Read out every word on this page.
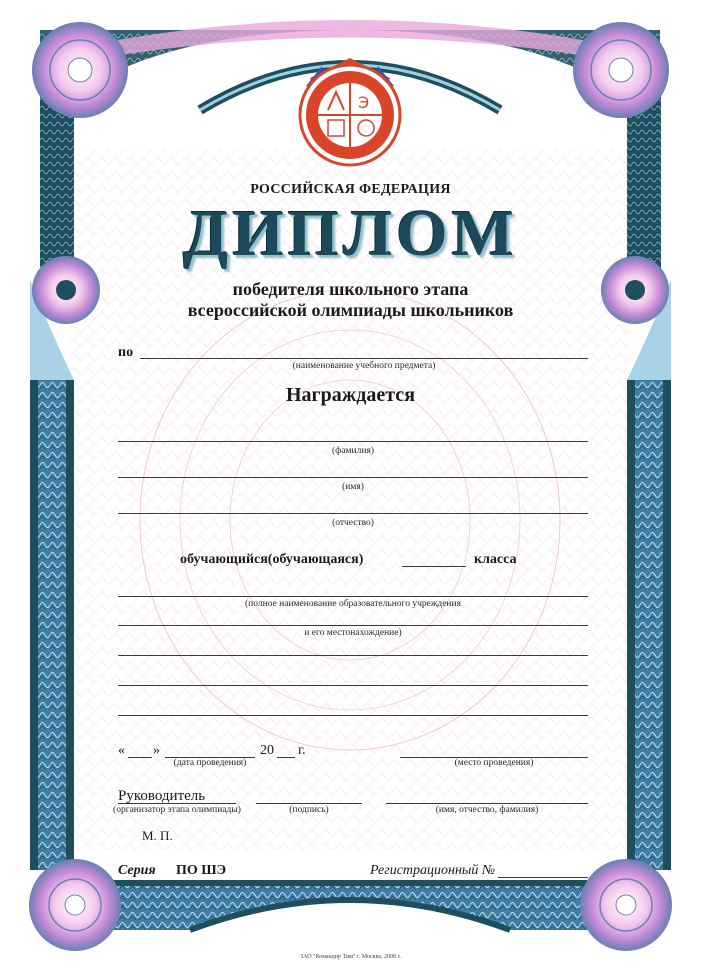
Э
РОССИЙСКАЯ ФЕДЕРАЦИЯ
ДИПЛОМ
победителя школьного этапа
всероссийской олимпиады школьников
по
(наименование учебного предмета)
Награждается
(фамилия)
(имя)
(отчество)
обучающийся(обучающаяся)	класса
(полное наименование образовательного учреждения
и его местонахождение)
« »	20 г.
(дата проведения)	(место проведения)
Руководитель
(организатор этапа олимпиады)	(подпись)	(имя, отчество, фамилия)
М. П.
Серия ПО ШЭ	Регистрационный №
ЗАО "Командир Тим" г. Москва, 2008 г.
